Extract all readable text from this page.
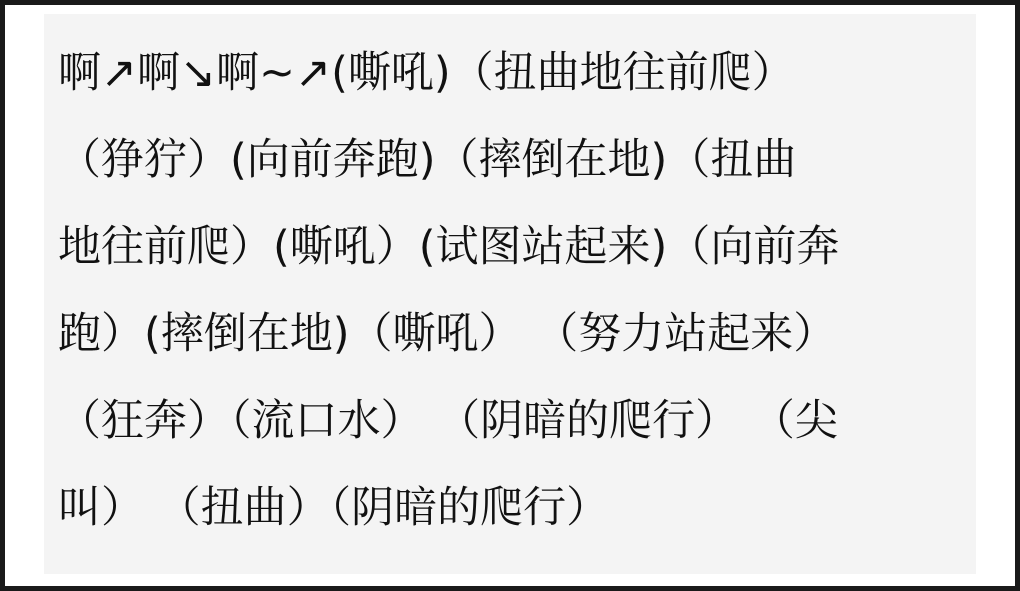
啊↗啊↘啊~↗(嘶吼)（扭曲地往前爬）
（狰狞）(向前奔跑)（摔倒在地)（扭曲
地往前爬）(嘶吼）(试图站起来)（向前奔
跑）(摔倒在地)（嘶吼） （努力站起来）
（狂奔）（流口水） （阴暗的爬行） （尖
叫） （扭曲）（阴暗的爬行）
